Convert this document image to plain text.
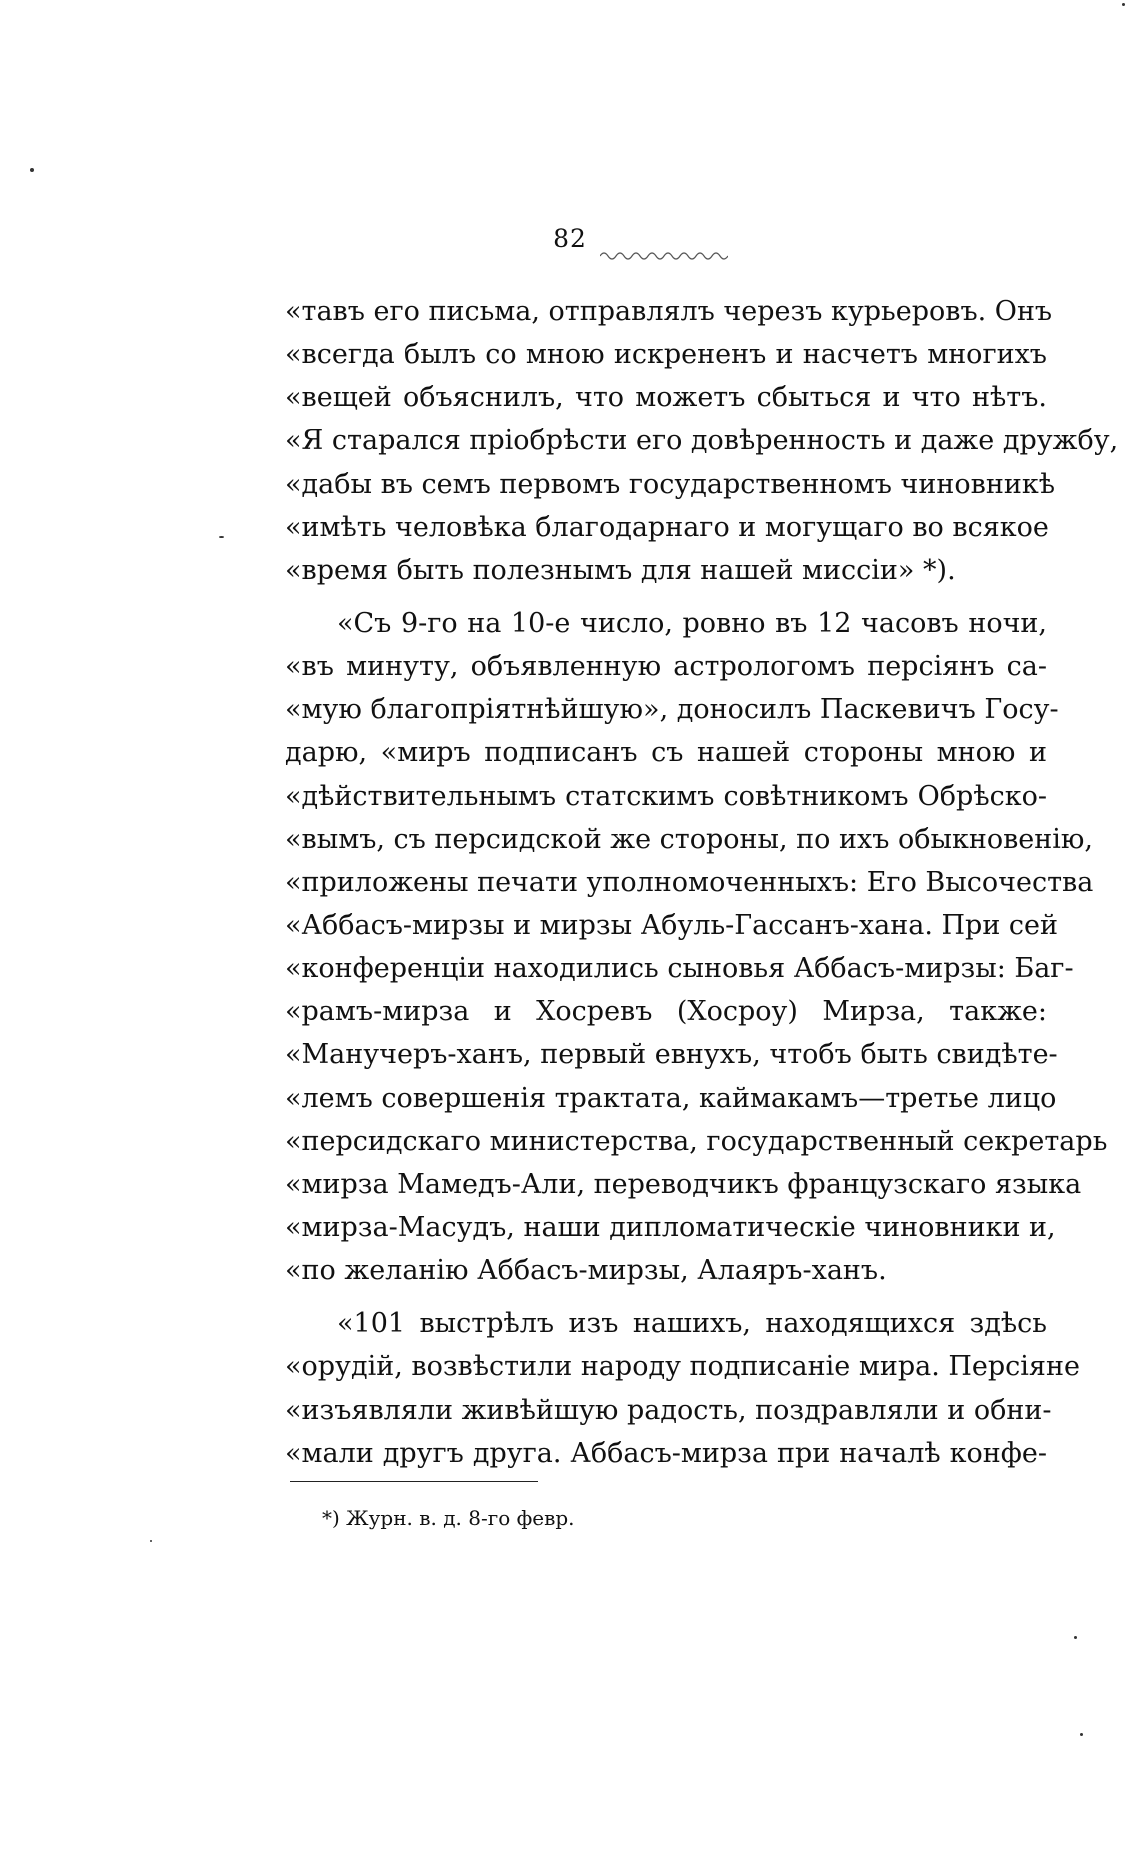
82
«тавъ его письма, отправлялъ черезъ курьеровъ. Онъ
«всегда былъ со мною искрененъ и насчетъ многихъ
«вещей объяснилъ, что можетъ сбыться и что нѣтъ.
«Я старался пріобрѣсти его довѣренность и даже дружбу,
«дабы въ семъ первомъ государственномъ чиновникѣ
«имѣть человѣка благодарнаго и могущаго во всякое
«время быть полезнымъ для нашей миссіи» *).
«Съ 9-го на 10-е число, ровно въ 12 часовъ ночи,
«въ минуту, объявленную астрологомъ персіянъ са-
«мую благопріятнѣйшую», доносилъ Паскевичъ Госу-
дарю, «миръ подписанъ съ нашей стороны мною и
«дѣйствительнымъ статскимъ совѣтникомъ Обрѣско-
«вымъ, съ персидской же стороны, по ихъ обыкновенію,
«приложены печати уполномоченныхъ: Его Высочества
«Аббасъ-мирзы и мирзы Абуль-Гассанъ-хана. При сей
«конференціи находились сыновья Аббасъ-мирзы: Баг-
«рамъ-мирза и Хосревъ (Хосроу) Мирза, также:
«Манучеръ-ханъ, первый евнухъ, чтобъ быть свидѣте-
«лемъ совершенія трактата, каймакамъ—третье лицо
«персидскаго министерства, государственный секретарь
«мирза Мамедъ-Али, переводчикъ французскаго языка
«мирза-Масудъ, наши дипломатическіе чиновники и,
«по желанію Аббасъ-мирзы, Алаяръ-ханъ.
«101 выстрѣлъ изъ нашихъ, находящихся здѣсь
«орудій, возвѣстили народу подписаніе мира. Персіяне
«изъявляли живѣйшую радость, поздравляли и обни-
«мали другъ друга. Аббасъ-мирза при началѣ конфе-
*) Журн. в. д. 8-го февр.
